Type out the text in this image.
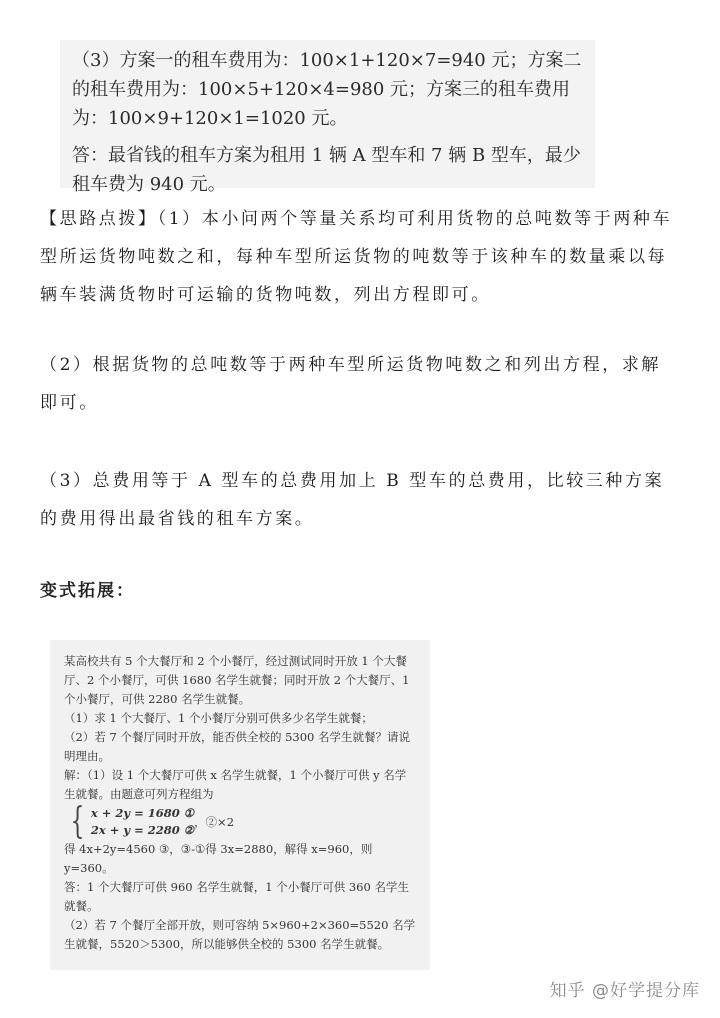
（3）方案一的租车费用为：100×1+120×7=940 元；方案二
的租车费用为：100×5+120×4=980 元；方案三的租车费用
为：100×9+120×1=1020 元。
答：最省钱的租车方案为租用 1 辆 A 型车和 7 辆 B 型车，最少
租车费为 940 元。
【思路点拨】（1）本小问两个等量关系均可利用货物的总吨数等于两种车型所运货物吨数之和，每种车型所运货物的吨数等于该种车的数量乘以每辆车装满货物时可运输的货物吨数，列出方程即可。
（2）根据货物的总吨数等于两种车型所运货物吨数之和列出方程，求解即可。
（3）总费用等于 A 型车的总费用加上 B 型车的总费用，比较三种方案的费用得出最省钱的租车方案。
变式拓展：
某高校共有 5 个大餐厅和 2 个小餐厅，经过测试同时开放 1 个大餐厅、2 个小餐厅，可供 1680 名学生就餐；同时开放 2 个大餐厅、1 个小餐厅，可供 2280 名学生就餐。
（1）求 1 个大餐厅、1 个小餐厅分别可供多少名学生就餐；
（2）若 7 个餐厅同时开放，能否供全校的 5300 名学生就餐？请说明理由。
解：（1）设 1 个大餐厅可供 x 名学生就餐，1 个小餐厅可供 y 名学生就餐。由题意可列方程组为
{ x + 2y = 1680 ①
2x + y = 2280 ②
，②×2
得 4x+2y=4560 ③，③-①得 3x=2880，解得 x=960，则 y=360。
答：1 个大餐厅可供 960 名学生就餐，1 个小餐厅可供 360 名学生就餐。
（2）若 7 个餐厅全部开放，则可容纳 5×960+2×360=5520 名学生就餐，5520＞5300，所以能够供全校的 5300 名学生就餐。
知乎 @好学提分库
